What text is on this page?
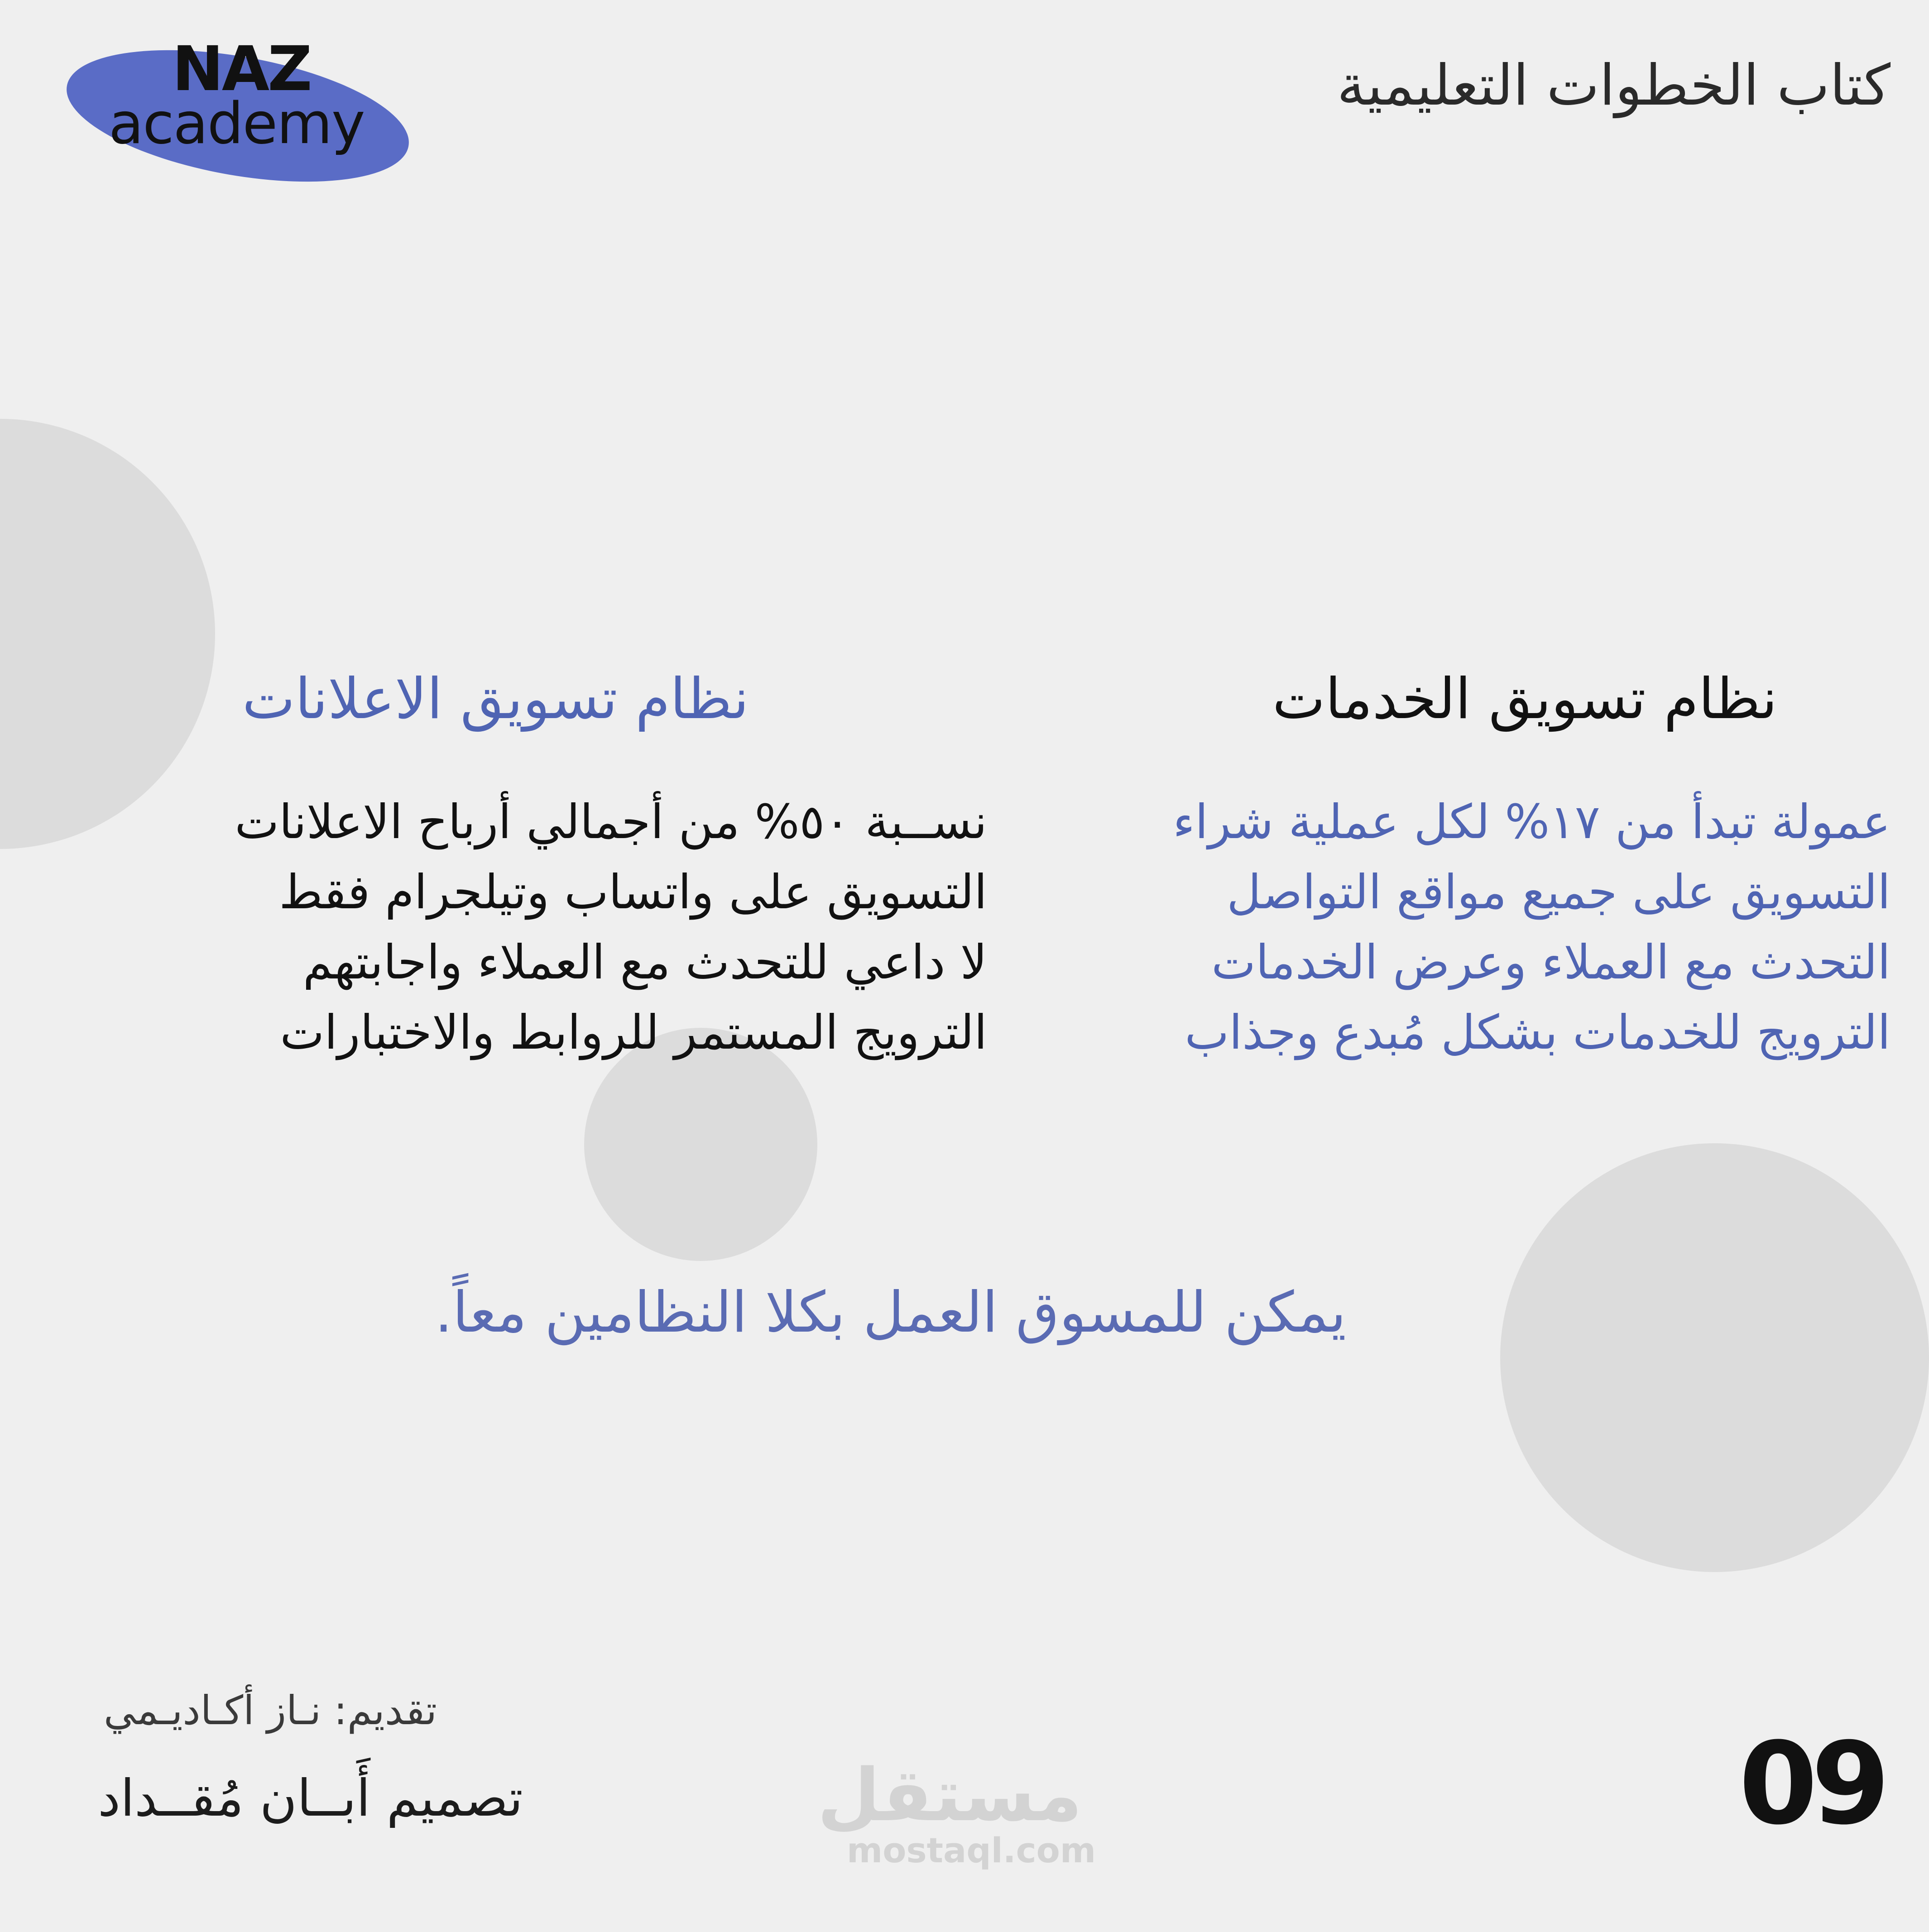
NAZ
academy
كتاب الخطوات التعليمية
نظام تسويق الخدمات
نظام تسويق الاعلانات
عمولة تبدأ من ١٧% لكل عملية شراء
التسويق على جميع مواقع التواصل
التحدث مع العملاء وعرض الخدمات
الترويج للخدمات بشكل مُبدع وجذاب
نســبة ٥٠% من أجمالي أرباح الاعلانات
التسويق على واتساب وتيلجرام فقط
لا داعي للتحدث مع العملاء واجابتهم
الترويج المستمر للروابط والاختبارات
يمكن للمسوق العمل بكلا النظامين معاً.
تقديم: نـاز أكـاديـمي
تصميم أَبــان مُقــداد	09
مستقل
mostaql.com
